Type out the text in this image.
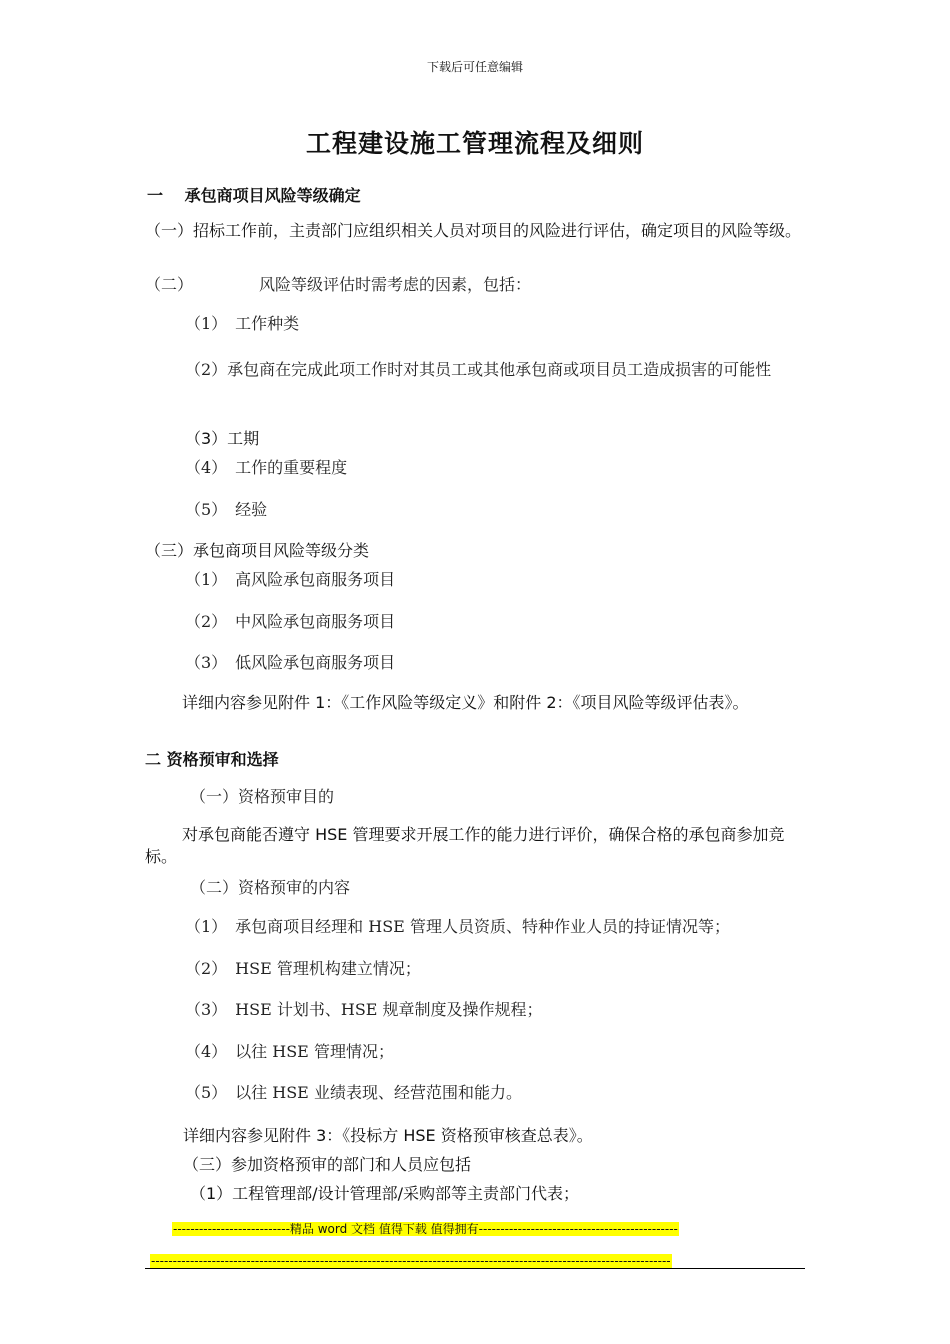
下载后可任意编辑
工程建设施工管理流程及细则
一　 承包商项目风险等级确定
（一）招标工作前，主责部门应组织相关人员对项目的风险进行评估，确定项目的风险等级。
（二）	风险等级评估时需考虑的因素，包括：
（1）　工作种类
（2）承包商在完成此项工作时对其员工或其他承包商或项目员工造成损害的可能性
（3）工期
（4）　工作的重要程度
（5）　经验
（三）承包商项目风险等级分类
（1）　高风险承包商服务项目
（2）　中风险承包商服务项目
（3）　低风险承包商服务项目
详细内容参见附件 1：《工作风险等级定义》和附件 2：《项目风险等级评估表》。
二 资格预审和选择
（一）资格预审目的
对承包商能否遵守 HSE 管理要求开展工作的能力进行评价，确保合格的承包商参加竞标。
（二）资格预审的内容
（1）　承包商项目经理和 HSE 管理人员资质、特种作业人员的持证情况等；
（2）　HSE 管理机构建立情况；
（3）　HSE 计划书、HSE 规章制度及操作规程；
（4）　以往 HSE 管理情况；
（5）　以往 HSE 业绩表现、经营范围和能力。
详细内容参见附件 3：《投标方 HSE 资格预审核查总表》。
（三）参加资格预审的部门和人员应包括
（1）工程管理部/设计管理部/采购部等主责部门代表；
---------------------------精品 word 文档 值得下载 值得拥有----------------------------------------------
------------------------------------------------------------------------------------------------------------------------
